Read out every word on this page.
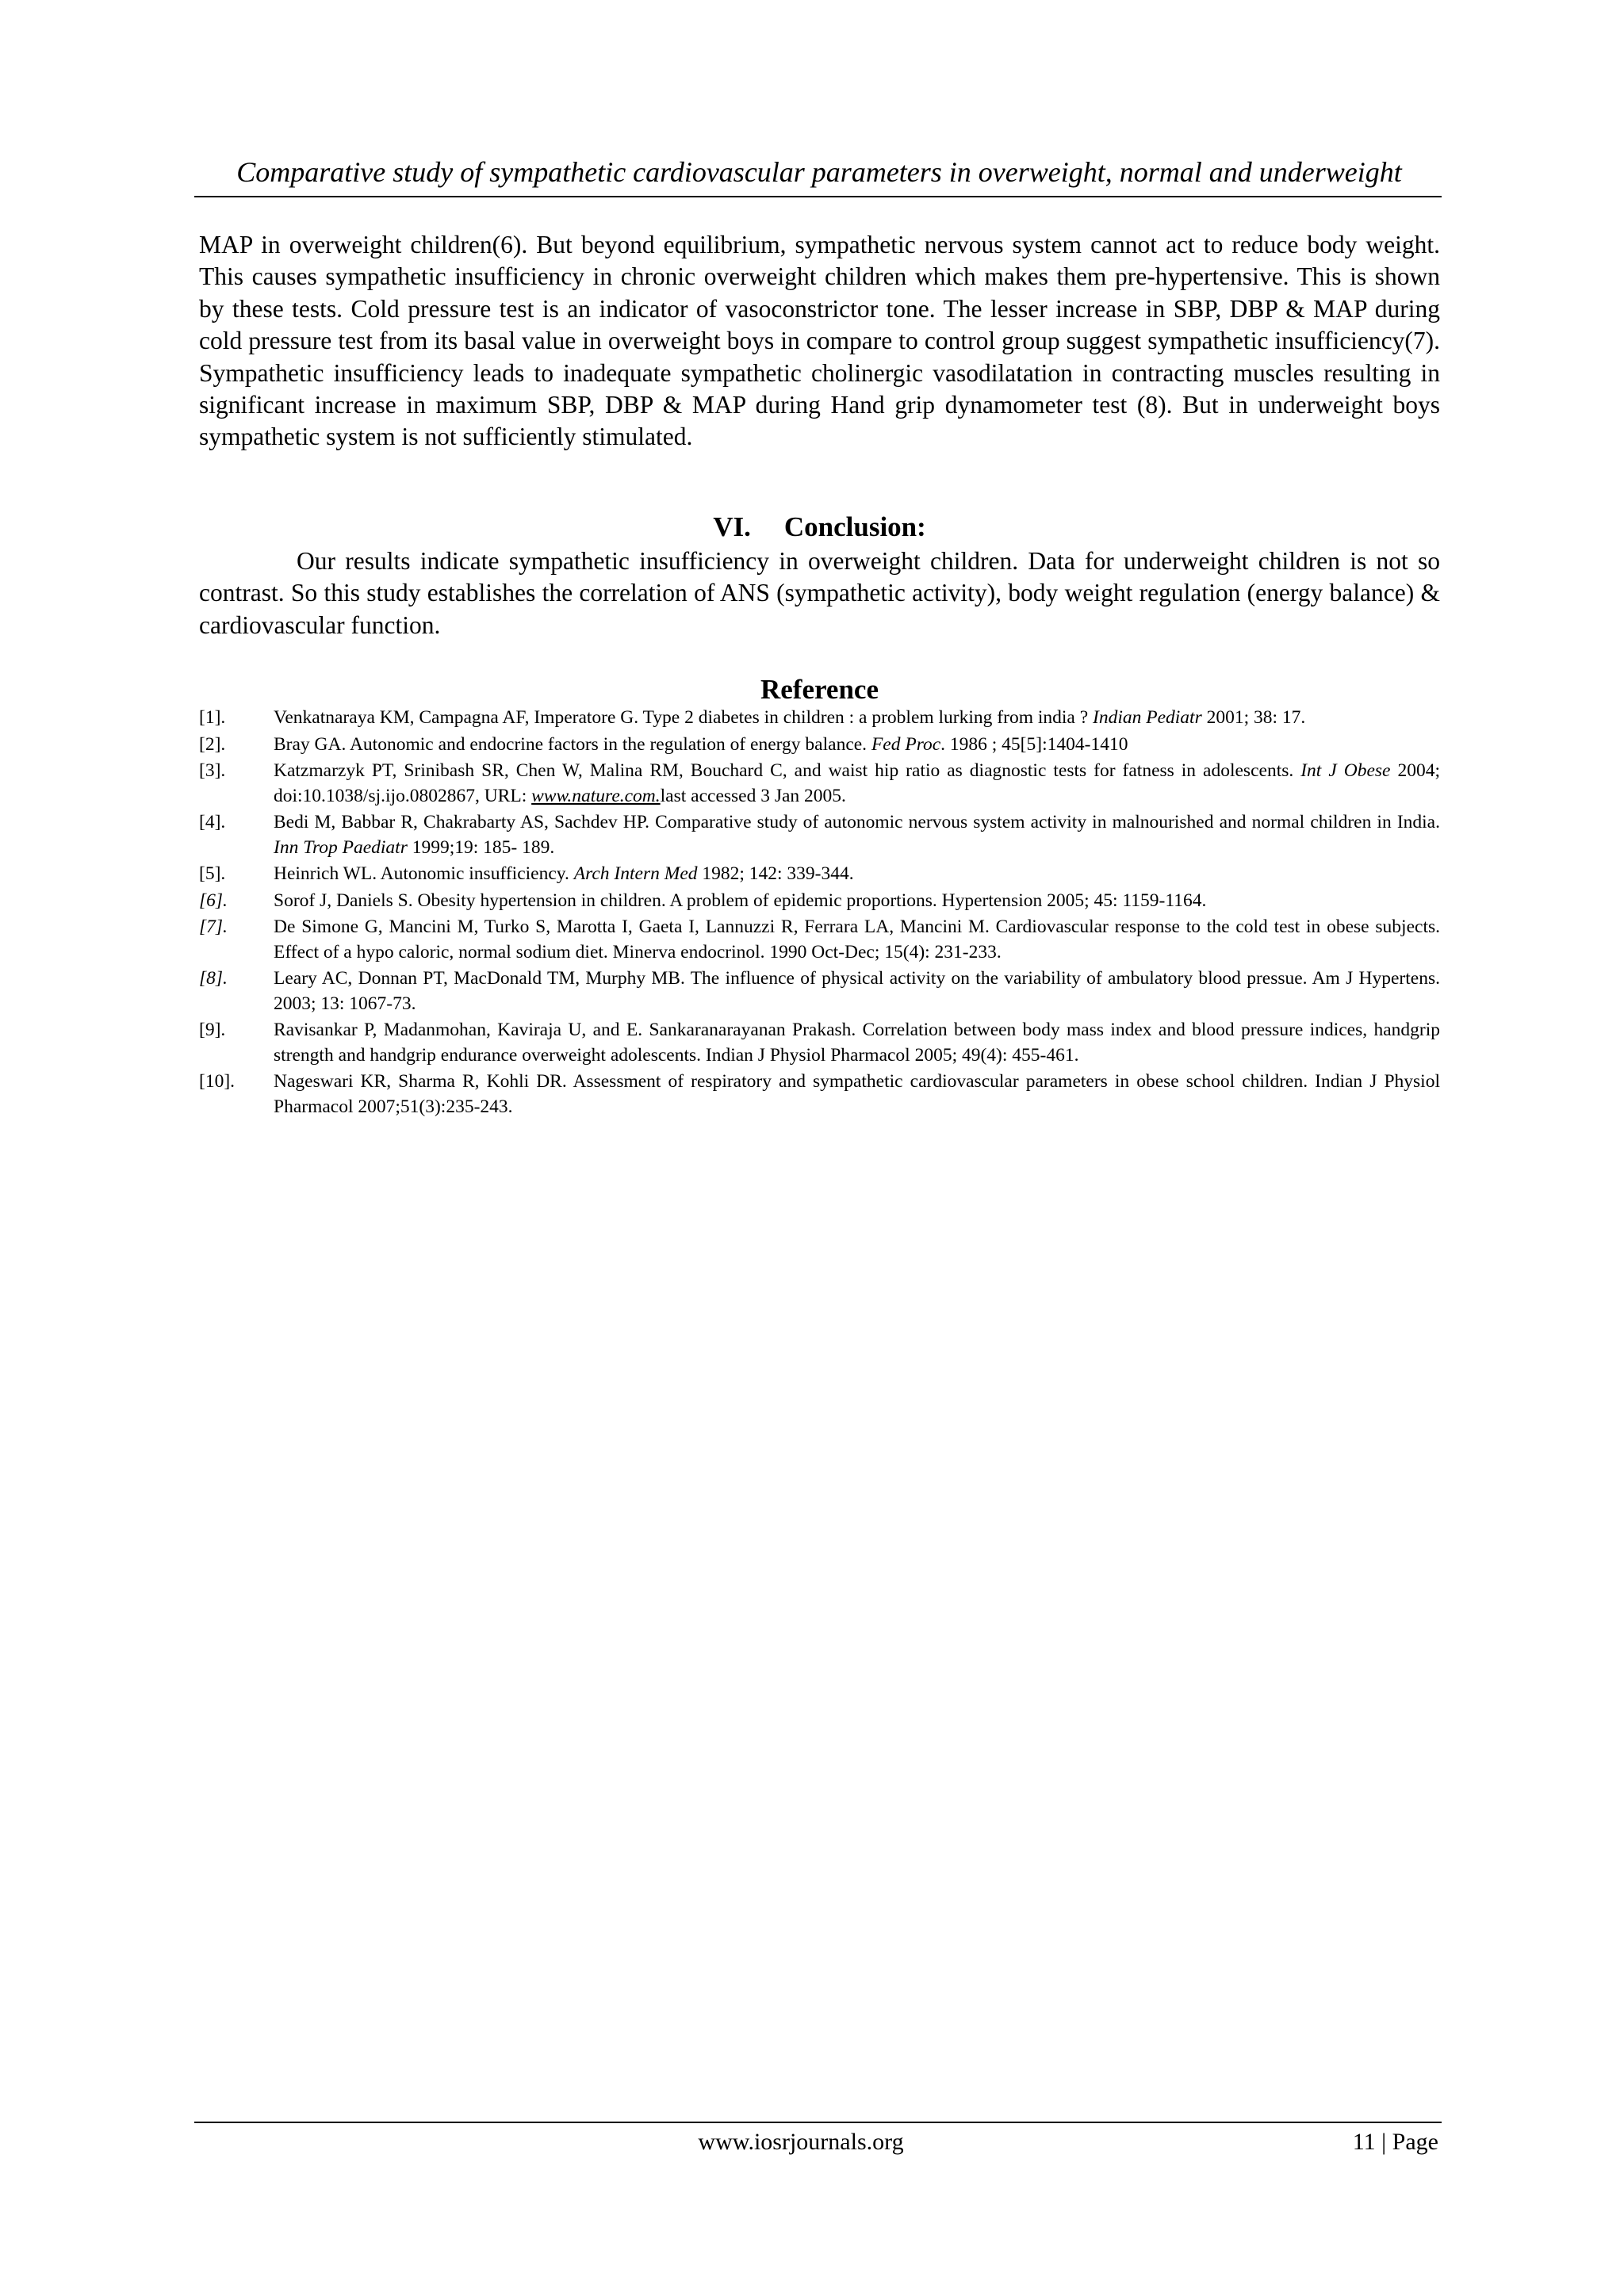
Comparative study of sympathetic cardiovascular parameters in overweight, normal and underweight
MAP in overweight children(6). But beyond equilibrium, sympathetic nervous system cannot act to reduce body weight. This causes sympathetic insufficiency in chronic overweight children which makes them pre-hypertensive. This is shown by these tests. Cold pressure test is an indicator of vasoconstrictor tone. The lesser increase in SBP, DBP & MAP during cold pressure test from its basal value in overweight boys in compare to control group suggest sympathetic insufficiency(7). Sympathetic insufficiency leads to inadequate sympathetic cholinergic vasodilatation in contracting muscles resulting in significant increase in maximum SBP, DBP & MAP during Hand grip dynamometer test (8). But in underweight boys sympathetic system is not sufficiently stimulated.
VI. Conclusion:
Our results indicate sympathetic insufficiency in overweight children. Data for underweight children is not so contrast. So this study establishes the correlation of ANS (sympathetic activity), body weight regulation (energy balance) & cardiovascular function.
Reference
[1].	Venkatnaraya KM, Campagna AF, Imperatore G. Type 2 diabetes in children : a problem lurking from india ? Indian Pediatr 2001; 38: 17.
[2].	Bray GA. Autonomic and endocrine factors in the regulation of energy balance. Fed Proc. 1986 ; 45[5]:1404-1410
[3].	Katzmarzyk PT, Srinibash SR, Chen W, Malina RM, Bouchard C, and waist hip ratio as diagnostic tests for fatness in adolescents. Int J Obese 2004; doi:10.1038/sj.ijo.0802867, URL: www.nature.com.last accessed 3 Jan 2005.
[4].	Bedi M, Babbar R, Chakrabarty AS, Sachdev HP. Comparative study of autonomic nervous system activity in malnourished and normal children in India. Inn Trop Paediatr 1999;19: 185- 189.
[5].	Heinrich WL. Autonomic insufficiency. Arch Intern Med 1982; 142: 339-344.
[6]. Sorof J, Daniels S. Obesity hypertension in children. A problem of epidemic proportions. Hypertension 2005; 45: 1159-1164.
[7]. De Simone G, Mancini M, Turko S, Marotta I, Gaeta I, Lannuzzi R, Ferrara LA, Mancini M. Cardiovascular response to the cold test in obese subjects. Effect of a hypo caloric, normal sodium diet. Minerva endocrinol. 1990 Oct-Dec; 15(4): 231-233.
[8]. Leary AC, Donnan PT, MacDonald TM, Murphy MB. The influence of physical activity on the variability of ambulatory blood pressue. Am J Hypertens. 2003; 13: 1067-73.
[9].	Ravisankar P, Madanmohan, Kaviraja U, and E. Sankaranarayanan Prakash. Correlation between body mass index and blood pressure indices, handgrip strength and handgrip endurance overweight adolescents. Indian J Physiol Pharmacol 2005; 49(4): 455-461.
[10]. Nageswari KR, Sharma R, Kohli DR. Assessment of respiratory and sympathetic cardiovascular parameters in obese school children. Indian J Physiol Pharmacol 2007;51(3):235-243.
www.iosrjournals.org	11 | Page
